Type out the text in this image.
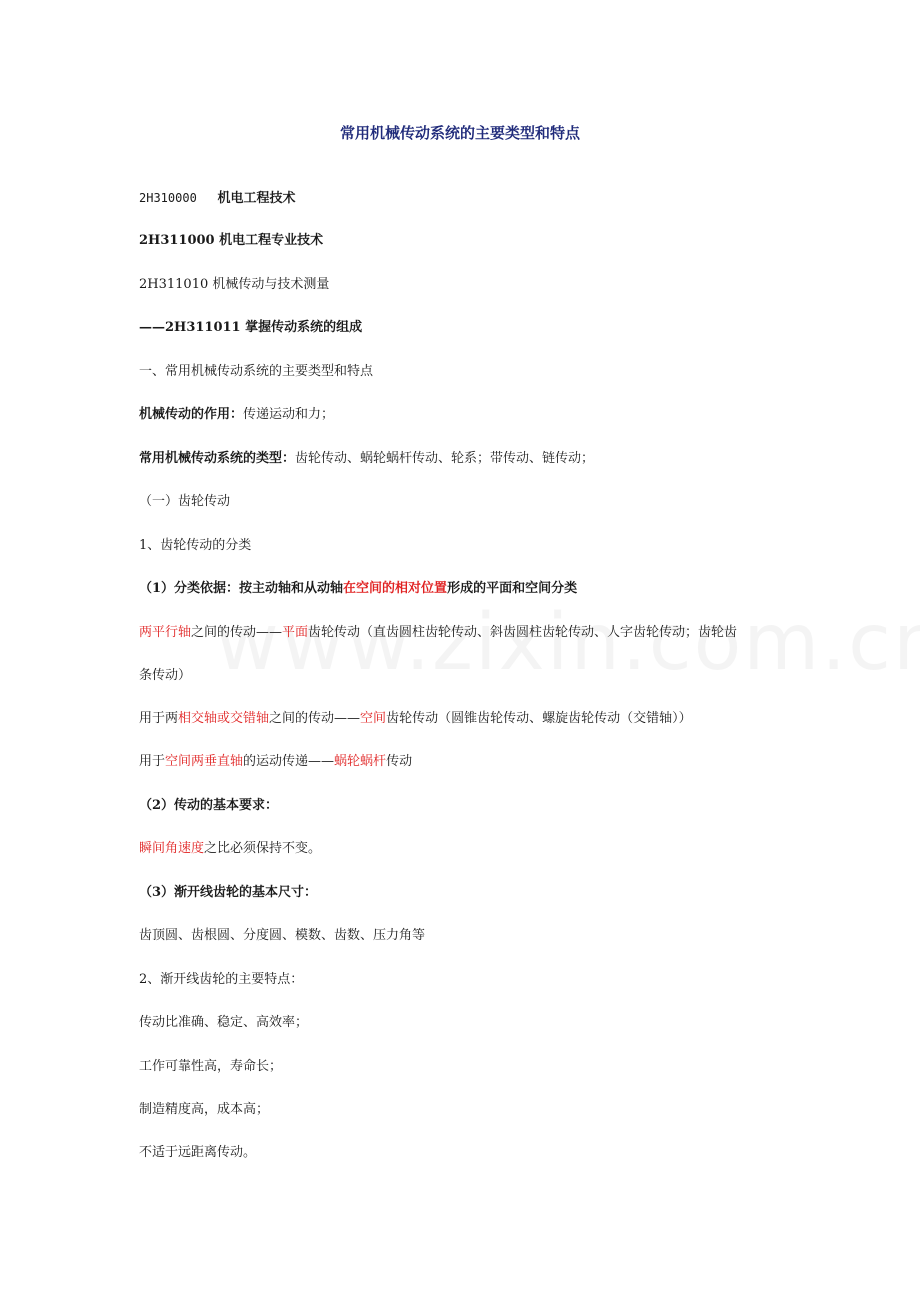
常用机械传动系统的主要类型和特点
2H310000 机电工程技术
2H311000 机电工程专业技术
2H311010 机械传动与技术测量
——2H311011 掌握传动系统的组成
一、常用机械传动系统的主要类型和特点
机械传动的作用：传递运动和力；
常用机械传动系统的类型：齿轮传动、蜗轮蜗杆传动、轮系；带传动、链传动；
（一）齿轮传动
1、齿轮传动的分类
（1）分类依据：按主动轴和从动轴在空间的相对位置形成的平面和空间分类
两平行轴之间的传动——平面齿轮传动（直齿圆柱齿轮传动、斜齿圆柱齿轮传动、人字齿轮传动；齿轮齿
条传动）
用于两相交轴或交错轴之间的传动——空间齿轮传动（圆锥齿轮传动、螺旋齿轮传动（交错轴））
用于空间两垂直轴的运动传递——蜗轮蜗杆传动
（2）传动的基本要求：
瞬间角速度之比必须保持不变。
（3）渐开线齿轮的基本尺寸：
齿顶圆、齿根圆、分度圆、模数、齿数、压力角等
2、渐开线齿轮的主要特点：
传动比准确、稳定、高效率；
工作可靠性高，寿命长；
制造精度高，成本高；
不适于远距离传动。
